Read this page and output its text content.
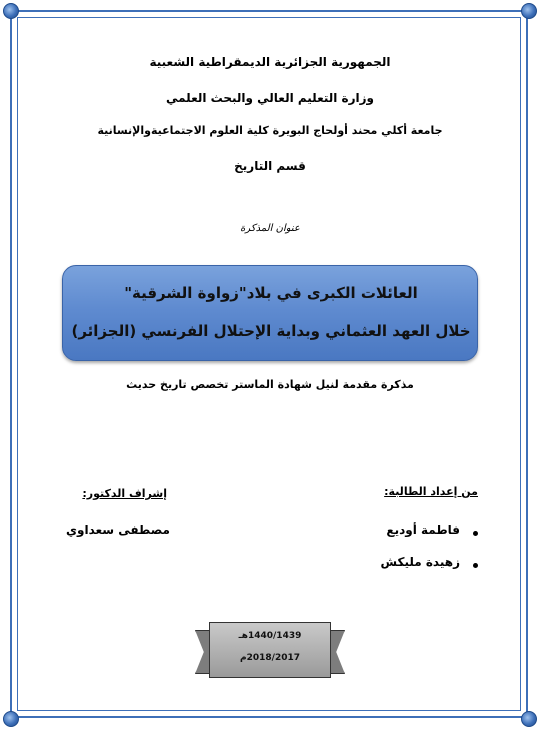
الجمهورية الجزائرية الديمقراطية الشعبية
وزارة التعليم العالي والبحث العلمي
جامعة أكلي محند أولحاج البويرة كلية العلوم الاجتماعيةوالإنسانية
قسم التاريخ
عنوان المذكرة
العائلات الكبرى في بلاد"زواوة الشرقية"
خلال العهد العثماني وبداية الإحتلال الفرنسي (الجزائر)
مذكرة مقدمة لنيل شهادة الماستر تخصص تاريخ حديث
من إعداد الطالبة:
فاطمة أوديع
زهيدة مليكش
إشراف الدكتور:
مصطفى سعداوي
1440/1439هـ
2018/2017م
